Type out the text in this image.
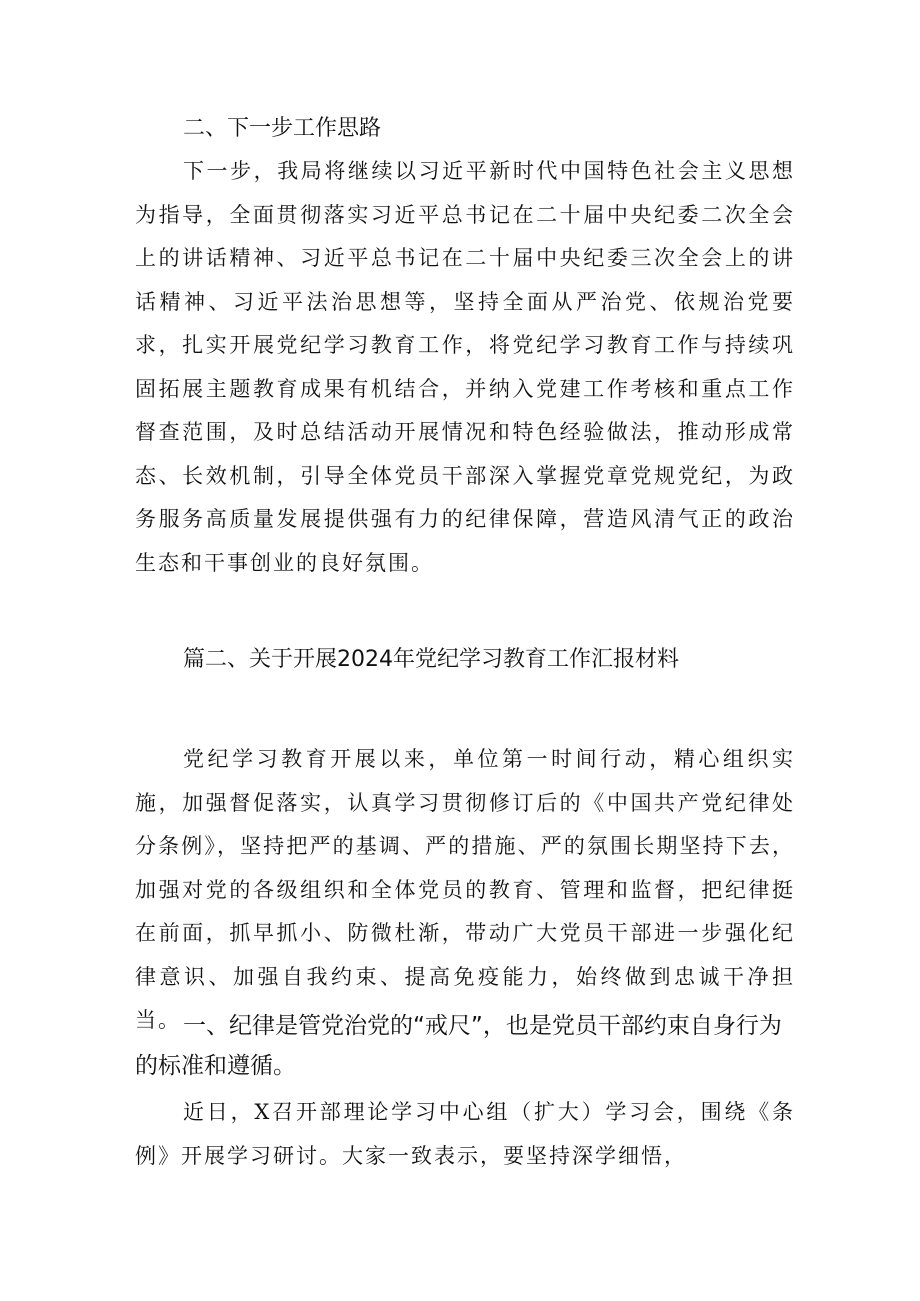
二、下一步工作思路

下一步，我局将继续以习近平新时代中国特色社会主义思想为指导，全面贯彻落实习近平总书记在二十届中央纪委二次全会上的讲话精神、习近平总书记在二十届中央纪委三次全会上的讲话精神、习近平法治思想等，坚持全面从严治党、依规治党要求，扎实开展党纪学习教育工作，将党纪学习教育工作与持续巩固拓展主题教育成果有机结合，并纳入党建工作考核和重点工作督查范围，及时总结活动开展情况和特色经验做法，推动形成常态、长效机制，引导全体党员干部深入掌握党章党规党纪，为政务服务高质量发展提供强有力的纪律保障，营造风清气正的政治生态和干事创业的良好氛围。

篇二、关于开展2024年党纪学习教育工作汇报材料

党纪学习教育开展以来，单位第一时间行动，精心组织实施，加强督促落实，认真学习贯彻修订后的《中国共产党纪律处分条例》，坚持把严的基调、严的措施、严的氛围长期坚持下去，加强对党的各级组织和全体党员的教育、管理和监督，把纪律挺在前面，抓早抓小、防微杜渐，带动广大党员干部进一步强化纪律意识、加强自我约束、提高免疫能力，始终做到忠诚干净担当。 一、纪律是管党治党的“戒尺”，也是党员干部约束自身行为的标准和遵循。

近日，X召开部理论学习中心组（扩大）学习会，围绕《条例》开展学习研讨。大家一致表示，要坚持深学细悟，
